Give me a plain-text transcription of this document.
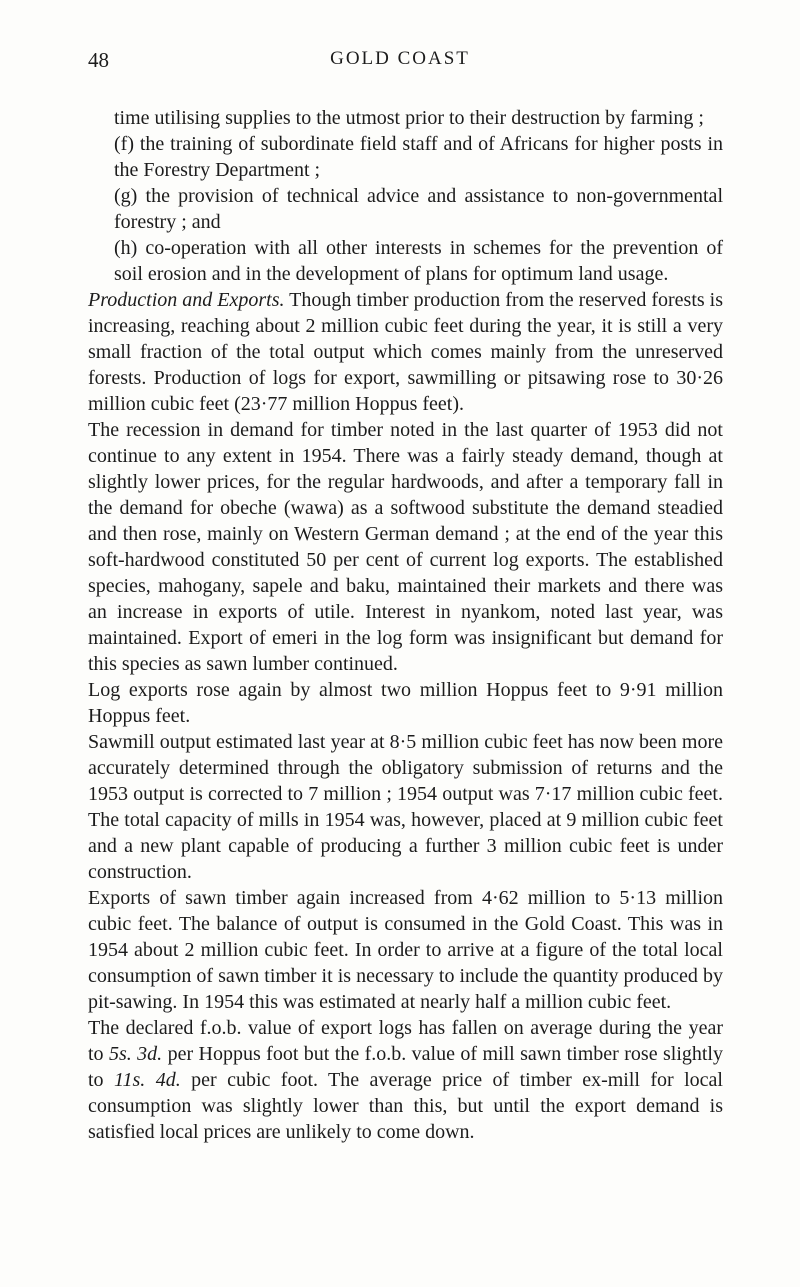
48	GOLD COAST

time utilising supplies to the utmost prior to their destruction by farming ;

(f) the training of subordinate field staff and of Africans for higher posts in the Forestry Department ;

(g) the provision of technical advice and assistance to non-governmental forestry ; and

(h) co-operation with all other interests in schemes for the prevention of soil erosion and in the development of plans for optimum land usage.

Production and Exports. Though timber production from the reserved forests is increasing, reaching about 2 million cubic feet during the year, it is still a very small fraction of the total output which comes mainly from the unreserved forests. Production of logs for export, sawmilling or pitsawing rose to 30·26 million cubic feet (23·77 million Hoppus feet).

The recession in demand for timber noted in the last quarter of 1953 did not continue to any extent in 1954. There was a fairly steady demand, though at slightly lower prices, for the regular hardwoods, and after a temporary fall in the demand for obeche (wawa) as a softwood substitute the demand steadied and then rose, mainly on Western German demand ; at the end of the year this soft-hardwood constituted 50 per cent of current log exports. The established species, mahogany, sapele and baku, maintained their markets and there was an increase in exports of utile. Interest in nyankom, noted last year, was maintained. Export of emeri in the log form was insignificant but demand for this species as sawn lumber continued.

Log exports rose again by almost two million Hoppus feet to 9·91 million Hoppus feet.

Sawmill output estimated last year at 8·5 million cubic feet has now been more accurately determined through the obligatory submission of returns and the 1953 output is corrected to 7 million ; 1954 output was 7·17 million cubic feet. The total capacity of mills in 1954 was, however, placed at 9 million cubic feet and a new plant capable of producing a further 3 million cubic feet is under construction.

Exports of sawn timber again increased from 4·62 million to 5·13 million cubic feet. The balance of output is consumed in the Gold Coast. This was in 1954 about 2 million cubic feet. In order to arrive at a figure of the total local consumption of sawn timber it is necessary to include the quantity produced by pit-sawing. In 1954 this was estimated at nearly half a million cubic feet.

The declared f.o.b. value of export logs has fallen on average during the year to 5s. 3d. per Hoppus foot but the f.o.b. value of mill sawn timber rose slightly to 11s. 4d. per cubic foot. The average price of timber ex-mill for local consumption was slightly lower than this, but until the export demand is satisfied local prices are unlikely to come down.
